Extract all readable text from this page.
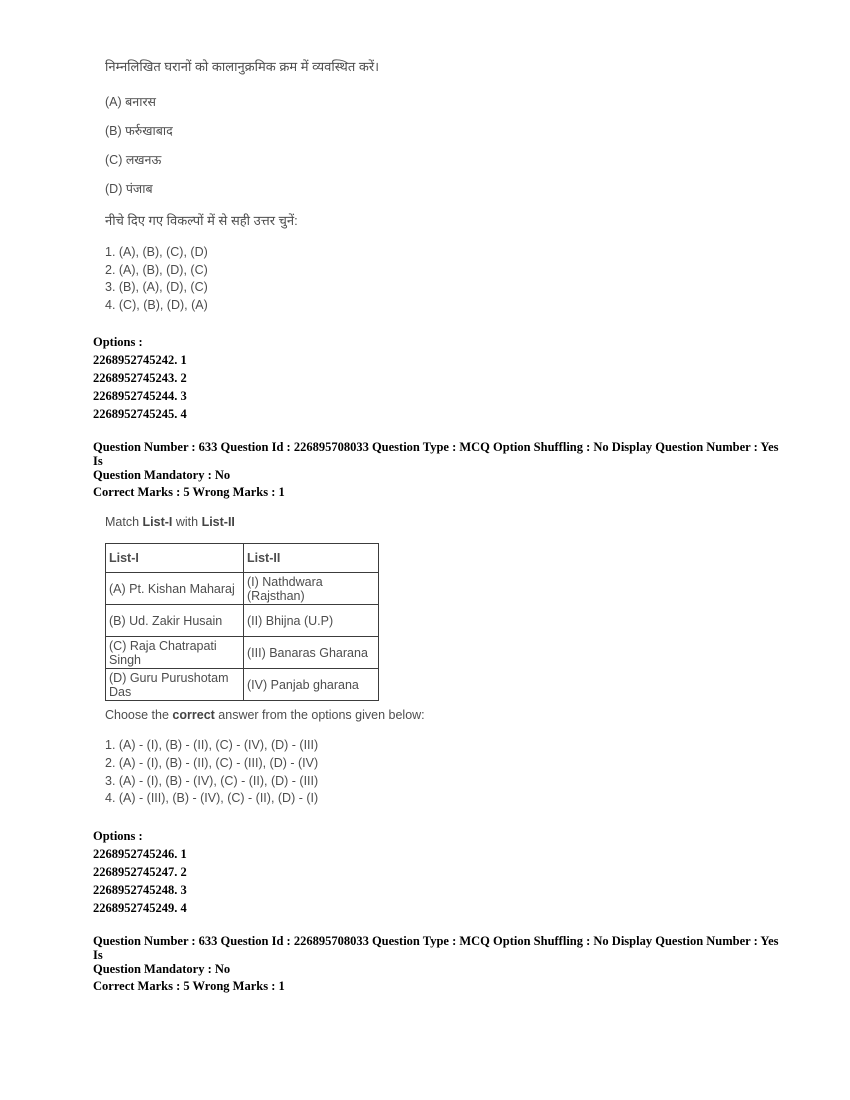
निम्नलिखित घरानों को कालानुक्रमिक क्रम में व्यवस्थित करें।

(A) बनारस

(B) फर्रुखाबाद

(C) लखनऊ

(D) पंजाब

नीचे दिए गए विकल्पों में से सही उत्तर चुनें:

1. (A), (B), (C), (D)

2. (A), (B), (D), (C)

3. (B), (A), (D), (C)

4. (C), (B), (D), (A)

Options :
2268952745242. 1
2268952745243. 2
2268952745244. 3
2268952745245. 4
Question Number : 633 Question Id : 226895708033 Question Type : MCQ Option Shuffling : No Display Question Number : Yes Is
Question Mandatory : No
Correct Marks : 5 Wrong Marks : 1

Match List-I with List-II

List-I	List-II
(A) Pt. Kishan Maharaj	(I) Nathdwara (Rajsthan)
(B) Ud. Zakir Husain	(II) Bhijna (U.P)
(C) Raja Chatrapati Singh	(III) Banaras Gharana
(D) Guru Purushotam Das	(IV) Panjab gharana

Choose the correct answer from the options given below:

1. (A) - (I), (B) - (II), (C) - (IV), (D) - (III)

2. (A) - (I), (B) - (II), (C) - (III), (D) - (IV)

3. (A) - (I), (B) - (IV), (C) - (II), (D) - (III)

4. (A) - (III), (B) - (IV), (C) - (II), (D) - (I)

Options :
2268952745246. 1
2268952745247. 2
2268952745248. 3
2268952745249. 4
Question Number : 633 Question Id : 226895708033 Question Type : MCQ Option Shuffling : No Display Question Number : Yes Is
Question Mandatory : No
Correct Marks : 5 Wrong Marks : 1
